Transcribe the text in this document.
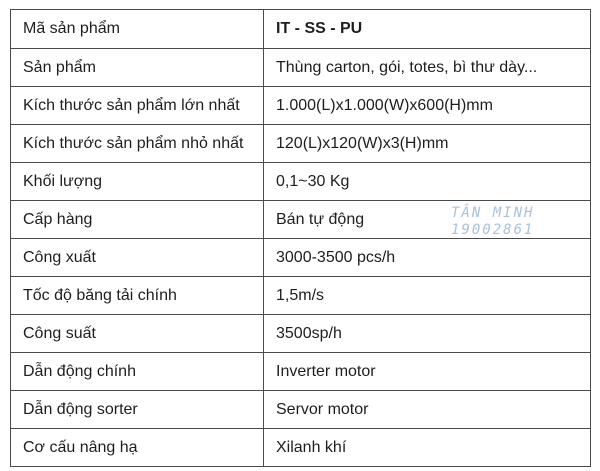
Mã sản phẩm	IT - SS - PU
Sản phẩm	Thùng carton, gói, totes, bì thư dày...
Kích thước sản phẩm lớn nhất	1.000(L)x1.000(W)x600(H)mm
Kích thước sản phẩm nhỏ nhất	120(L)x120(W)x3(H)mm
Khối lượng	0,1~30 Kg
Cấp hàng	Bán tự động
Công xuất	3000-3500 pcs/h
Tốc độ băng tải chính	1,5m/s
Công suất	3500sp/h
Dẫn động chính	Inverter motor
Dẫn động sorter	Servor motor
Cơ cấu nâng hạ	Xilanh khí
TÂN MINH
19002861
